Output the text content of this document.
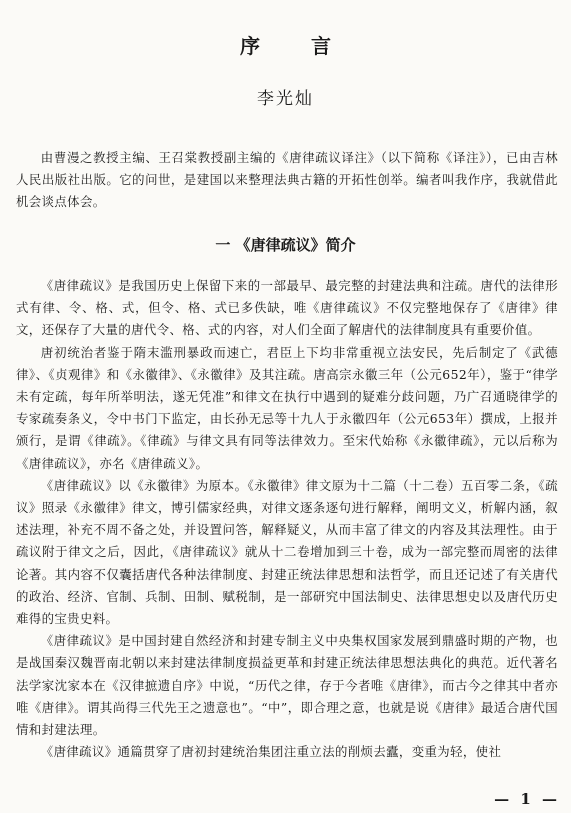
序 言
李光灿

由曹漫之教授主编、王召棠教授副主编的《唐律疏议译注》（以下简称《译注》），已由吉林人民出版社出版。它的问世，是建国以来整理法典古籍的开拓性创举。编者叫我作序，我就借此机会谈点体会。

一 《唐律疏议》简介

《唐律疏议》是我国历史上保留下来的一部最早、最完整的封建法典和注疏。唐代的法律形式有律、令、格、式，但令、格、式已多佚缺，唯《唐律疏议》不仅完整地保存了《唐律》律文，还保存了大量的唐代令、格、式的内容，对人们全面了解唐代的法律制度具有重要价值。

唐初统治者鉴于隋末滥刑暴政而速亡，君臣上下均非常重视立法安民，先后制定了《武德律》、《贞观律》和《永徽律》、《永徽律》及其注疏。唐高宗永徽三年（公元652年），鉴于“律学未有定疏，每年所举明法，遂无凭准”和律文在执行中遇到的疑难分歧问题，乃广召通晓律学的专家疏奏条义，令中书门下监定，由长孙无忌等十九人于永徽四年（公元653年）撰成，上报并颁行，是谓《律疏》。《律疏》与律文具有同等法律效力。至宋代始称《永徽律疏》，元以后称为《唐律疏议》，亦名《唐律疏义》。

《唐律疏议》以《永徽律》为原本。《永徽律》律文原为十二篇（十二卷）五百零二条，《疏议》照录《永徽律》律文，博引儒家经典，对律文逐条逐句进行解释，阐明文义，析解内涵，叙述法理，补充不周不备之处，并设置问答，解释疑义，从而丰富了律文的内容及其法理性。由于疏议附于律文之后，因此，《唐律疏议》就从十二卷增加到三十卷，成为一部完整而周密的法律论著。其内容不仅囊括唐代各种法律制度、封建正统法律思想和法哲学，而且还记述了有关唐代的政治、经济、官制、兵制、田制、赋税制，是一部研究中国法制史、法律思想史以及唐代历史难得的宝贵史料。

《唐律疏议》是中国封建自然经济和封建专制主义中央集权国家发展到鼎盛时期的产物，也是战国秦汉魏晋南北朝以来封建法律制度损益更革和封建正统法律思想法典化的典范。近代著名法学家沈家本在《汉律摭遗自序》中说，“历代之律，存于今者唯《唐律》，而古今之律其中者亦唯《唐律》。谓其尚得三代先王之遗意也”。“中”，即合理之意，也就是说《唐律》最适合唐代国情和封建法理。

《唐律疏议》通篇贯穿了唐初封建统治集团注重立法的削烦去蠹，变重为轻，使社

— 1 —
